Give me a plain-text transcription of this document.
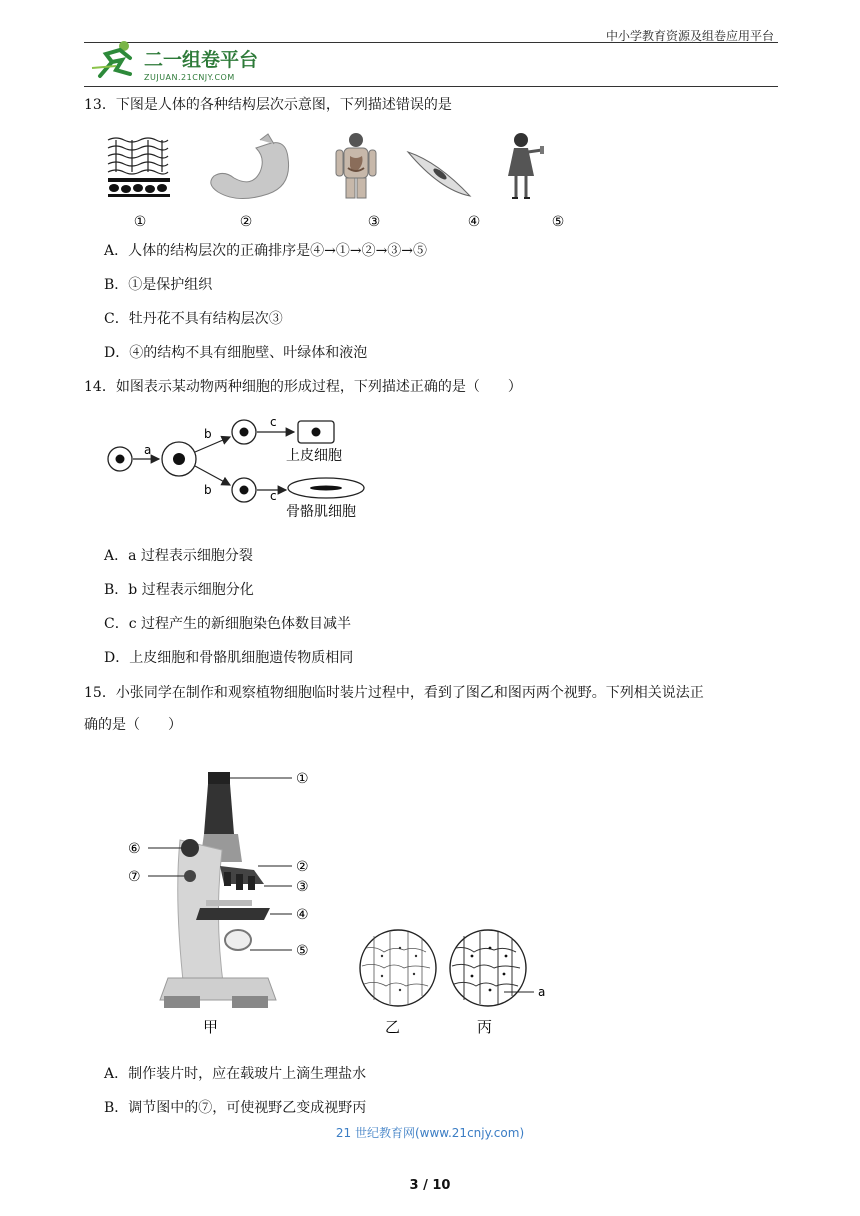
中小学教育资源及组卷应用平台
二一组卷平台
ZUJUAN.21CNJY.COM
13．下图是人体的各种结构层次示意图，下列描述错误的是
①	②	③	④	⑤
A．人体的结构层次的正确排序是④→①→②→③→⑤
B．①是保护组织
C．牡丹花不具有结构层次③
D．④的结构不具有细胞壁、叶绿体和液泡
14．如图表示某动物两种细胞的形成过程，下列描述正确的是（　　）
a
b
b
c
c
上皮细胞
骨骼肌细胞
A．a 过程表示细胞分裂
B．b 过程表示细胞分化
C．c 过程产生的新细胞染色体数目减半
D．上皮细胞和骨骼肌细胞遗传物质相同
15．小张同学在制作和观察植物细胞临时装片过程中，看到了图乙和图丙两个视野。下列相关说法正
确的是（　　）
①
②
③
④
⑤
⑥
⑦
甲	乙
a
丙
A．制作装片时，应在载玻片上滴生理盐水
B．调节图中的⑦，可使视野乙变成视野丙
21 世纪教育网(www.21cnjy.com)
3 / 10
